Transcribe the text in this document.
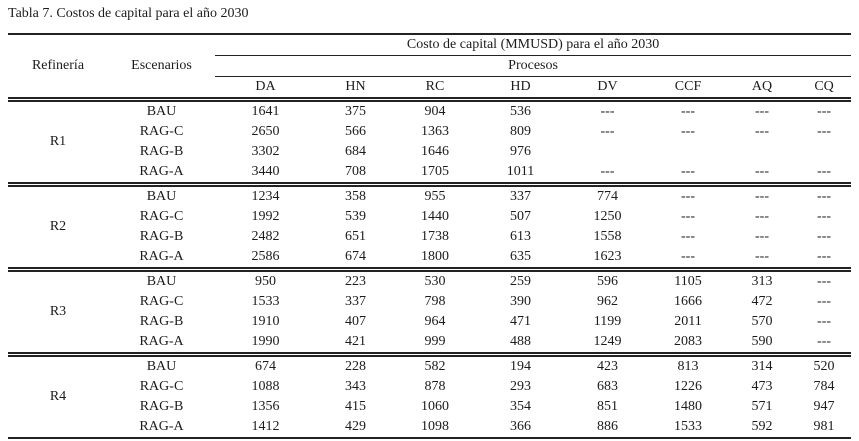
Tabla 7. Costos de capital para el año 2030
Refinería	Escenarios	Costo de capital (MMUSD) para el año 2030							
		Procesos							
		DA	HN	RC	HD	DV	CCF	AQ	CQ
R1	BAU	1641	375	904	536	---	---	---	---
	RAG-C	2650	566	1363	809	---	---	---	---
	RAG-B	3302	684	1646	976				
	RAG-A	3440	708	1705	1011	---	---	---	---
R2	BAU	1234	358	955	337	774	---	---	---
	RAG-C	1992	539	1440	507	1250	---	---	---
	RAG-B	2482	651	1738	613	1558	---	---	---
	RAG-A	2586	674	1800	635	1623	---	---	---
R3	BAU	950	223	530	259	596	1105	313	---
	RAG-C	1533	337	798	390	962	1666	472	---
	RAG-B	1910	407	964	471	1199	2011	570	---
	RAG-A	1990	421	999	488	1249	2083	590	---
R4	BAU	674	228	582	194	423	813	314	520
	RAG-C	1088	343	878	293	683	1226	473	784
	RAG-B	1356	415	1060	354	851	1480	571	947
	RAG-A	1412	429	1098	366	886	1533	592	981
